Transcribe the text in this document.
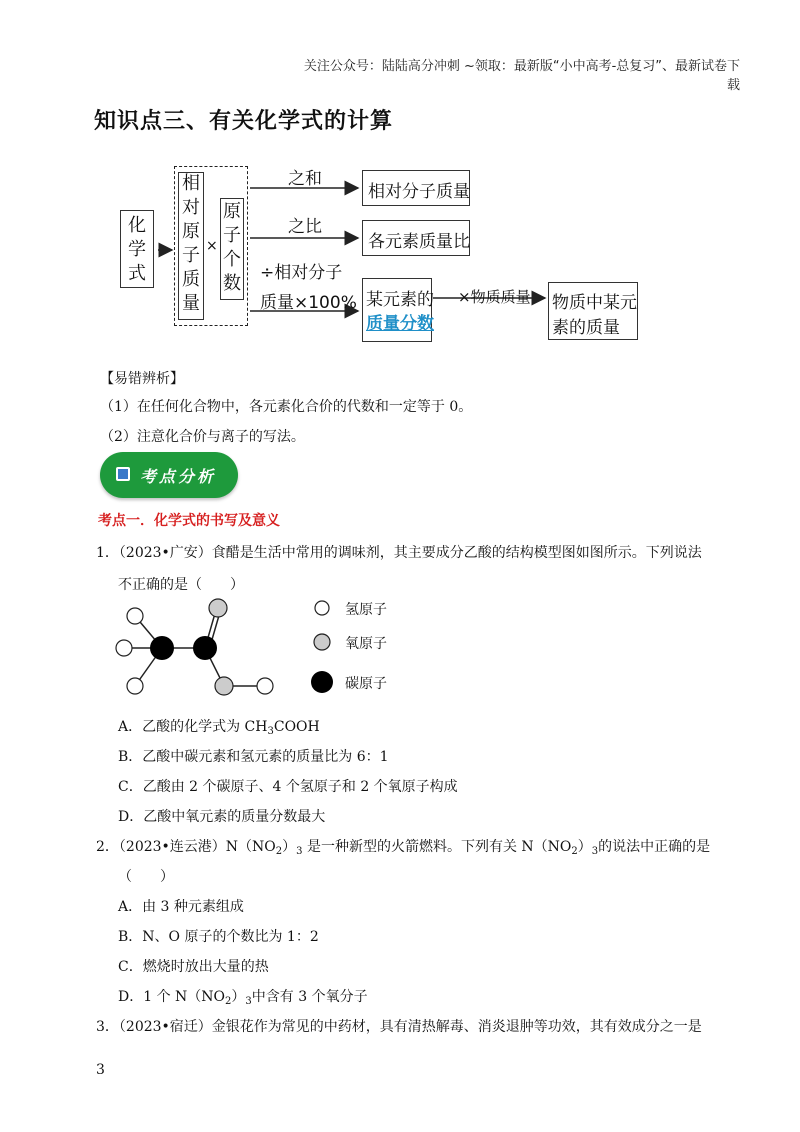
关注公众号：陆陆高分冲刺 ~领取：最新版“小中高考-总复习”、最新试卷下载
知识点三、有关化学式的计算
化
学
式
相
对
原
子
质
量
×
原
子
个
数
之和
相对分子质量
之比
各元素质量比
÷相对分子
质量×100% 某元素的
质量分数
×物质质量 物质中某元
素的质量
【易错辨析】
（1）在任何化合物中，各元素化合价的代数和一定等于 0。
（2）注意化合价与离子的写法。
考点分析
考点一．化学式的书写及意义
1．（2023•广安）食醋是生活中常用的调味剂，其主要成分乙酸的结构模型图如图所示。下列说法
不正确的是（　　）
氢原子
氧原子
碳原子
A．乙酸的化学式为 $CH_3COOH$
B．乙酸中碳元素和氢元素的质量比为 6：1
C．乙酸由 2 个碳原子、4 个氢原子和 2 个氧原子构成
D．乙酸中氧元素的质量分数最大
2．（2023•连云港）$N(NO_2)_3$ 是一种新型的火箭燃料。下列有关 $N(NO_2)_3$的说法中正确的是
（　　）
A．由 3 种元素组成
B．N、O 原子的个数比为 1：2
C．燃烧时放出大量的热
D．1 个 $N(NO_2)_3$中含有 3 个氧分子
3．（2023•宿迁）金银花作为常见的中药材，具有清热解毒、消炎退肿等功效，其有效成分之一是
3
